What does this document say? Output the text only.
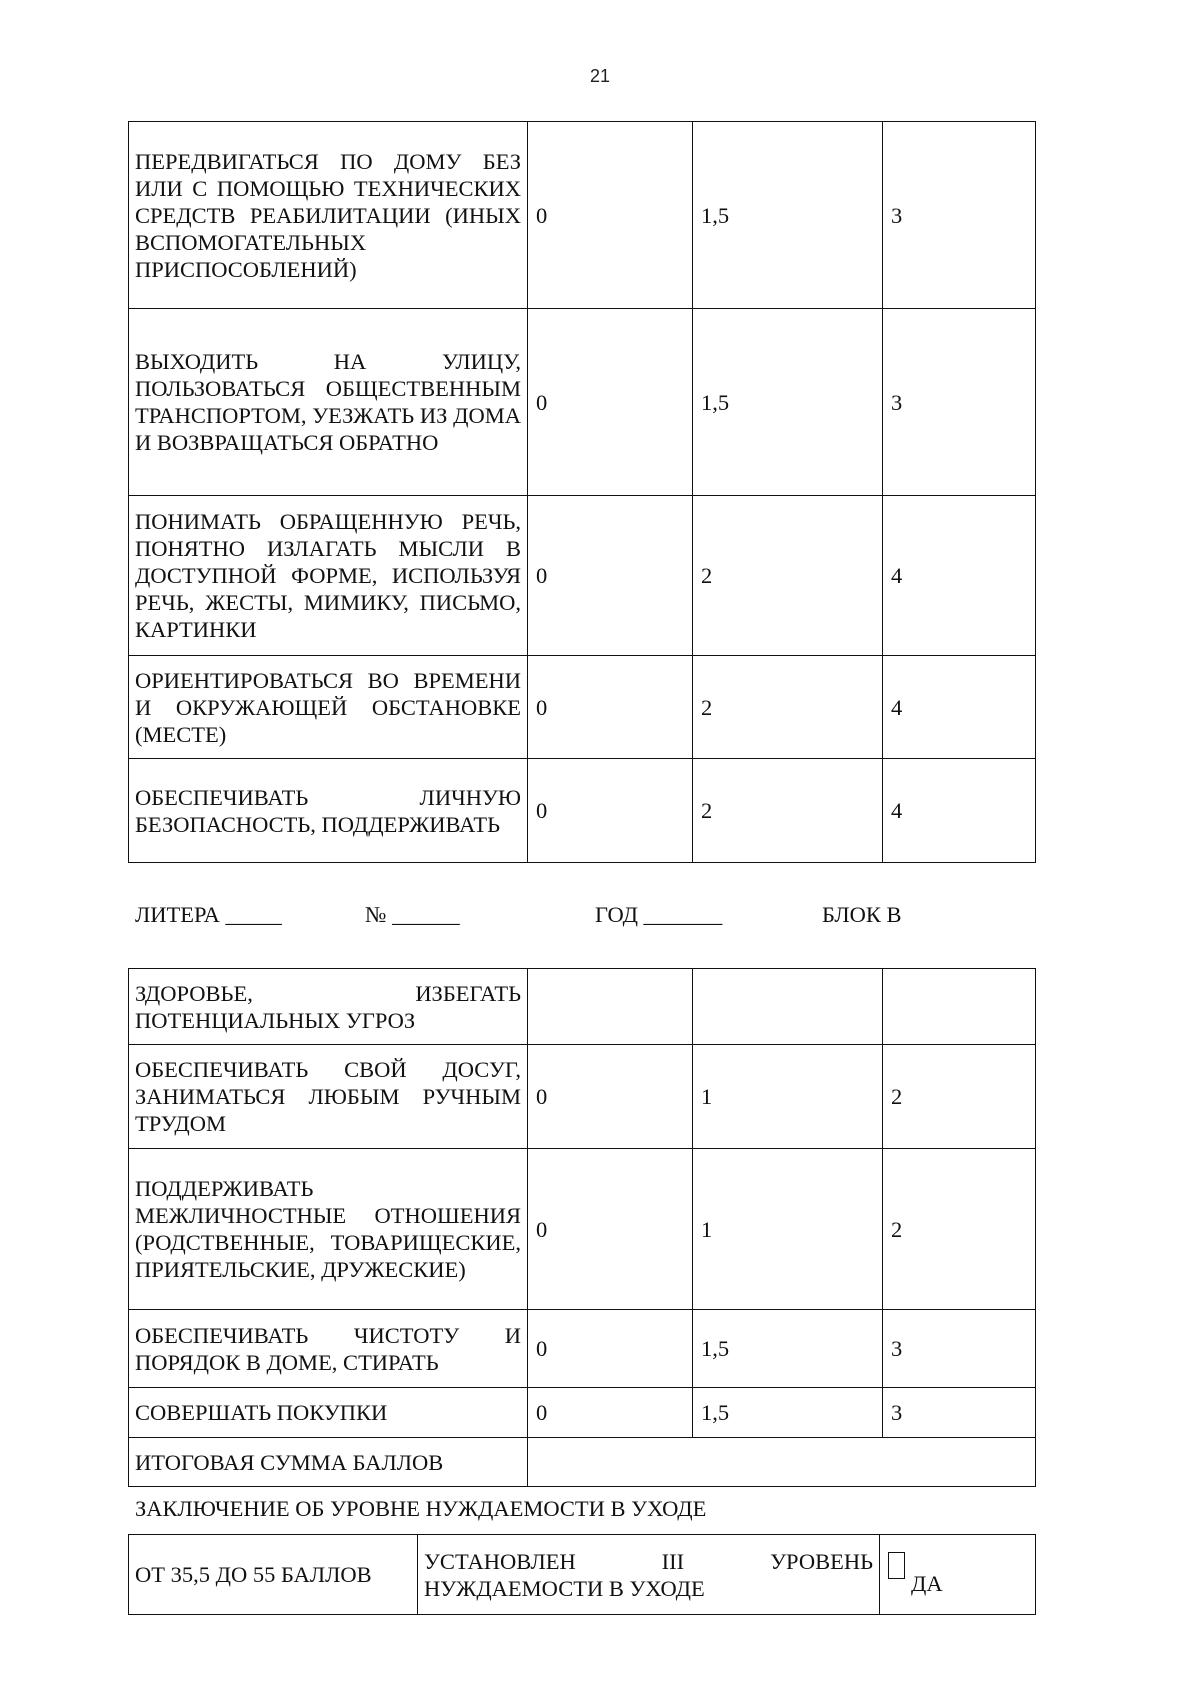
21
ПЕРЕДВИГАТЬСЯ ПО ДОМУ БЕЗ ИЛИ С ПОМОЩЬЮ ТЕХНИЧЕСКИХ СРЕДСТВ РЕАБИЛИТАЦИИ (ИНЫХ ВСПОМОГАТЕЛЬНЫХ ПРИСПОСОБЛЕНИЙ)	0	1,5	3
ВЫХОДИТЬ НА УЛИЦУ, ПОЛЬЗОВАТЬСЯ ОБЩЕСТВЕННЫМ ТРАНСПОРТОМ, УЕЗЖАТЬ ИЗ ДОМА И ВОЗВРАЩАТЬСЯ ОБРАТНО	0	1,5	3
ПОНИМАТЬ ОБРАЩЕННУЮ РЕЧЬ, ПОНЯТНО ИЗЛАГАТЬ МЫСЛИ В ДОСТУПНОЙ ФОРМЕ, ИСПОЛЬЗУЯ РЕЧЬ, ЖЕСТЫ, МИМИКУ, ПИСЬМО, КАРТИНКИ	0	2	4
ОРИЕНТИРОВАТЬСЯ ВО ВРЕМЕНИ И ОКРУЖАЮЩЕЙ ОБСТАНОВКЕ (МЕСТЕ)	0	2	4
ОБЕСПЕЧИВАТЬ ЛИЧНУЮ БЕЗОПАСНОСТЬ, ПОДДЕРЖИВАТЬ	0	2	4
ЛИТЕРА _____	№ ______	ГОД _______	БЛОК В
ЗДОРОВЬЕ, ИЗБЕГАТЬ ПОТЕНЦИАЛЬНЫХ УГРОЗ			
ОБЕСПЕЧИВАТЬ СВОЙ ДОСУГ, ЗАНИМАТЬСЯ ЛЮБЫМ РУЧНЫМ ТРУДОМ	0	1	2
ПОДДЕРЖИВАТЬ МЕЖЛИЧНОСТНЫЕ ОТНОШЕНИЯ (РОДСТВЕННЫЕ, ТОВАРИЩЕСКИЕ, ПРИЯТЕЛЬСКИЕ, ДРУЖЕСКИЕ)	0	1	2
ОБЕСПЕЧИВАТЬ ЧИСТОТУ И ПОРЯДОК В ДОМЕ, СТИРАТЬ	0	1,5	3
СОВЕРШАТЬ ПОКУПКИ	0	1,5	3
ИТОГОВАЯ СУММА БАЛЛОВ			
ЗАКЛЮЧЕНИЕ ОБ УРОВНЕ НУЖДАЕМОСТИ В УХОДЕ
ОТ 35,5 ДО 55 БАЛЛОВ	УСТАНОВЛЕН III УРОВЕНЬ НУЖДАЕМОСТИ В УХОДЕ	ДА
